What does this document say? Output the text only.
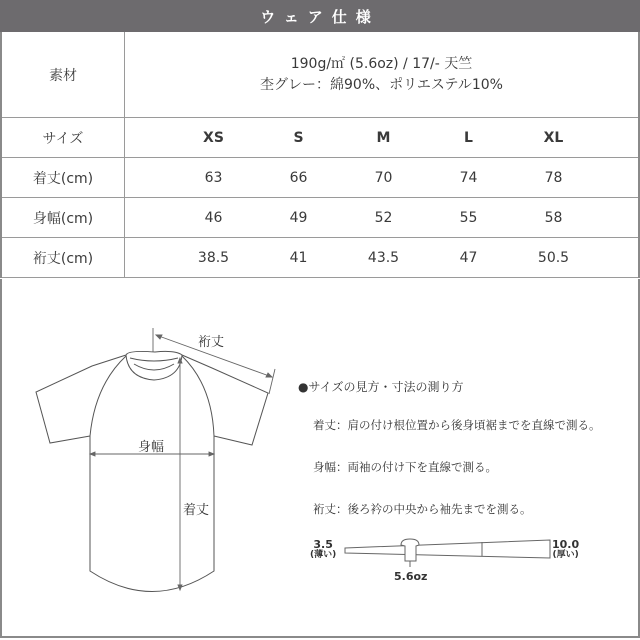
ウェア仕様
素材	190g/㎡ (5.6oz) / 17/- 天竺
杢グレー：綿90%、ポリエステル10%

サイズ	XS S M L XL

着丈(cm)	63 66 70 74 78

身幅(cm)	46 49 52 55 58

裄丈(cm)	38.5 41 43.5 47 50.5
裄丈
身幅
着丈
●サイズの見方・寸法の測り方
着丈：肩の付け根位置から後身頃裾までを直線で測る。
身幅：両袖の付け下を直線で測る。
裄丈：後ろ衿の中央から袖先までを測る。
3.5
(薄い)
10.0
(厚い)
5.6oz
